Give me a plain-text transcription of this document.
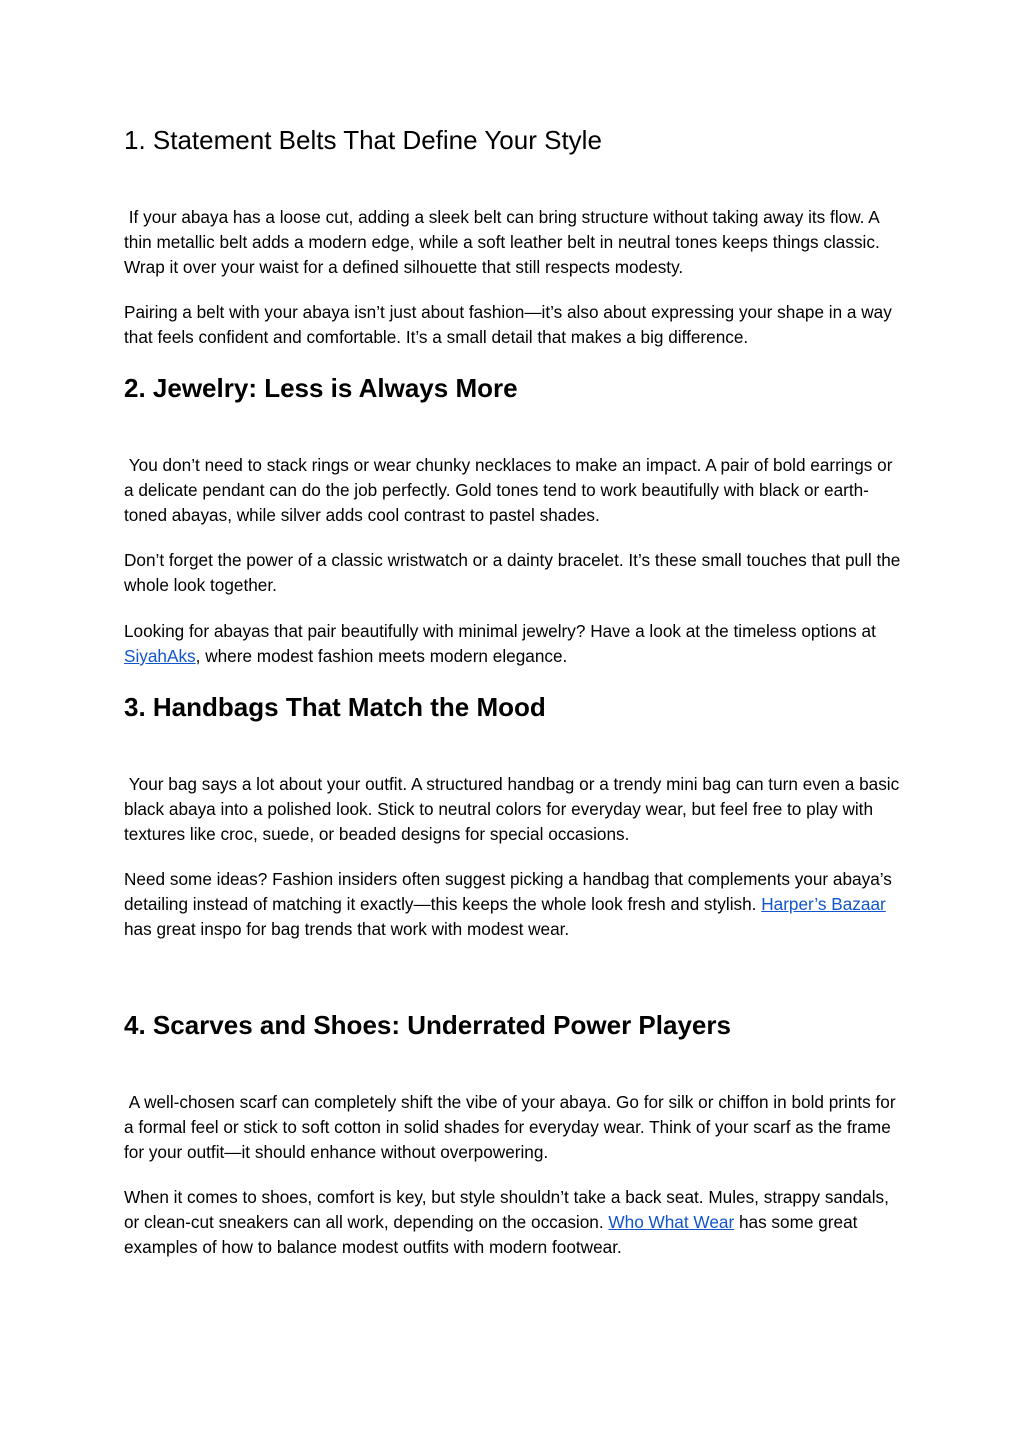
1. Statement Belts That Define Your Style

If your abaya has a loose cut, adding a sleek belt can bring structure without taking away its flow. A thin metallic belt adds a modern edge, while a soft leather belt in neutral tones keeps things classic. Wrap it over your waist for a defined silhouette that still respects modesty.

Pairing a belt with your abaya isn’t just about fashion—it’s also about expressing your shape in a way that feels confident and comfortable. It’s a small detail that makes a big difference.

2. Jewelry: Less is Always More

You don’t need to stack rings or wear chunky necklaces to make an impact. A pair of bold earrings or a delicate pendant can do the job perfectly. Gold tones tend to work beautifully with black or earth-toned abayas, while silver adds cool contrast to pastel shades.

Don’t forget the power of a classic wristwatch or a dainty bracelet. It’s these small touches that pull the whole look together.

Looking for abayas that pair beautifully with minimal jewelry? Have a look at the timeless options at SiyahAks, where modest fashion meets modern elegance.

3. Handbags That Match the Mood

Your bag says a lot about your outfit. A structured handbag or a trendy mini bag can turn even a basic black abaya into a polished look. Stick to neutral colors for everyday wear, but feel free to play with textures like croc, suede, or beaded designs for special occasions.

Need some ideas? Fashion insiders often suggest picking a handbag that complements your abaya’s detailing instead of matching it exactly—this keeps the whole look fresh and stylish. Harper’s Bazaar has great inspo for bag trends that work with modest wear.

4. Scarves and Shoes: Underrated Power Players

A well-chosen scarf can completely shift the vibe of your abaya. Go for silk or chiffon in bold prints for a formal feel or stick to soft cotton in solid shades for everyday wear. Think of your scarf as the frame for your outfit—it should enhance without overpowering.

When it comes to shoes, comfort is key, but style shouldn’t take a back seat. Mules, strappy sandals, or clean-cut sneakers can all work, depending on the occasion. Who What Wear has some great examples of how to balance modest outfits with modern footwear.
